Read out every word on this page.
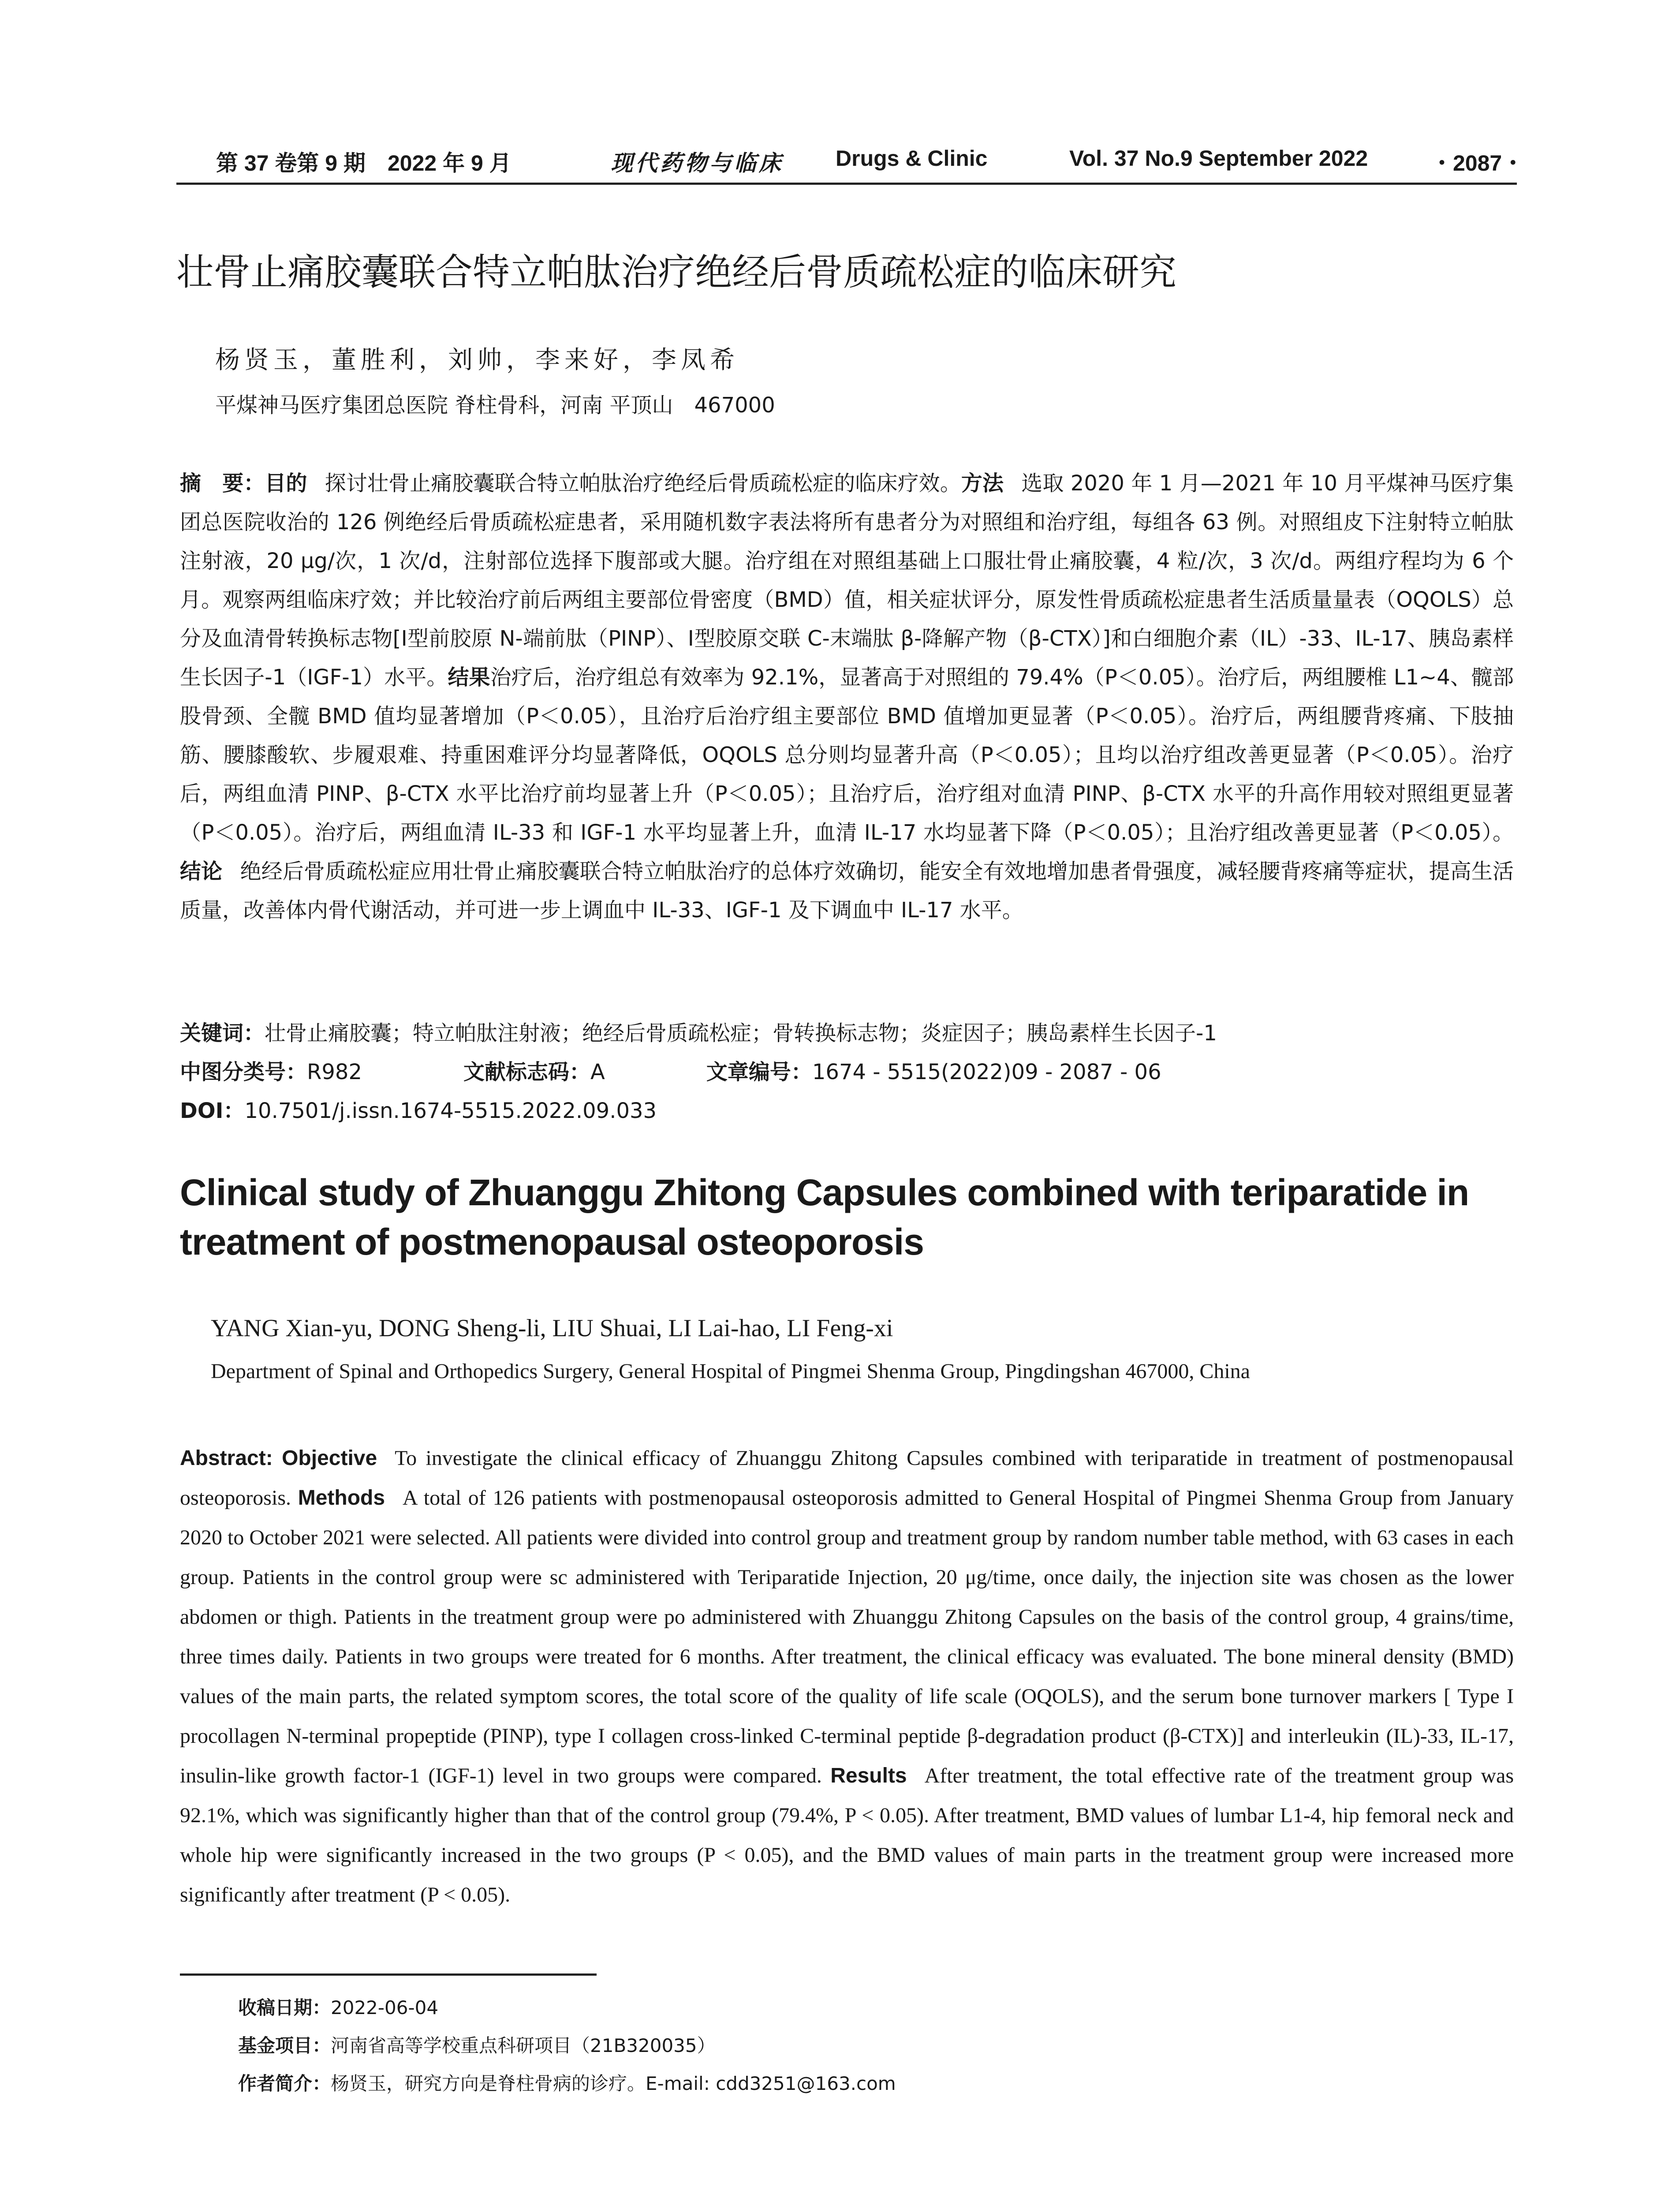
第 37 卷第 9 期　2022 年 9 月	现代药物与临床 Drugs & Clinic	Vol. 37 No.9 September 2022	・2087・
壮骨止痛胶囊联合特立帕肽治疗绝经后骨质疏松症的临床研究
杨贤玉，董胜利，刘帅，李来好，李凤希
平煤神马医疗集团总医院 脊柱骨科，河南 平顶山　467000
摘　要：目的 探讨壮骨止痛胶囊联合特立帕肽治疗绝经后骨质疏松症的临床疗效。方法 选取 2020 年 1 月—2021 年 10 月平煤神马医疗集团总医院收治的 126 例绝经后骨质疏松症患者，采用随机数字表法将所有患者分为对照组和治疗组，每组各 63 例。对照组皮下注射特立帕肽注射液，20 μg/次，1 次/d，注射部位选择下腹部或大腿。治疗组在对照组基础上口服壮骨止痛胶囊，4 粒/次，3 次/d。两组疗程均为 6 个月。观察两组临床疗效；并比较治疗前后两组主要部位骨密度（BMD）值，相关症状评分，原发性骨质疏松症患者生活质量量表（OQOLS）总分及血清骨转换标志物[Ⅰ型前胶原 N-端前肽（PINP）、Ⅰ型胶原交联 C-末端肽 β-降解产物（β-CTX）]和白细胞介素（IL）-33、IL-17、胰岛素样生长因子-1（IGF-1）水平。结果治疗后，治疗组总有效率为 92.1%，显著高于对照组的 79.4%（P＜0.05）。治疗后，两组腰椎 L1~4、髋部股骨颈、全髋 BMD 值均显著增加（P＜0.05），且治疗后治疗组主要部位 BMD 值增加更显著（P＜0.05）。治疗后，两组腰背疼痛、下肢抽筋、腰膝酸软、步履艰难、持重困难评分均显著降低，OQOLS 总分则均显著升高（P＜0.05）；且均以治疗组改善更显著（P＜0.05）。治疗后，两组血清 PINP、β-CTX 水平比治疗前均显著上升（P＜0.05）；且治疗后，治疗组对血清 PINP、β-CTX 水平的升高作用较对照组更显著（P＜0.05）。治疗后，两组血清 IL-33 和 IGF-1 水平均显著上升，血清 IL-17 水均显著下降（P＜0.05）；且治疗组改善更显著（P＜0.05）。结论 绝经后骨质疏松症应用壮骨止痛胶囊联合特立帕肽治疗的总体疗效确切，能安全有效地增加患者骨强度，减轻腰背疼痛等症状，提高生活质量，改善体内骨代谢活动，并可进一步上调血中 IL-33、IGF-1 及下调血中 IL-17 水平。
关键词：壮骨止痛胶囊；特立帕肽注射液；绝经后骨质疏松症；骨转换标志物；炎症因子；胰岛素样生长因子-1
中图分类号：R982	文献标志码：A	文章编号：1674 - 5515(2022)09 - 2087 - 06
DOI：10.7501/j.issn.1674-5515.2022.09.033
Clinical study of Zhuanggu Zhitong Capsules combined with teriparatide in treatment of postmenopausal osteoporosis
YANG Xian-yu, DONG Sheng-li, LIU Shuai, LI Lai-hao, LI Feng-xi
Department of Spinal and Orthopedics Surgery, General Hospital of Pingmei Shenma Group, Pingdingshan 467000, China
Abstract: Objective To investigate the clinical efficacy of Zhuanggu Zhitong Capsules combined with teriparatide in treatment of postmenopausal osteoporosis. Methods A total of 126 patients with postmenopausal osteoporosis admitted to General Hospital of Pingmei Shenma Group from January 2020 to October 2021 were selected. All patients were divided into control group and treatment group by random number table method, with 63 cases in each group. Patients in the control group were sc administered with Teriparatide Injection, 20 μg/time, once daily, the injection site was chosen as the lower abdomen or thigh. Patients in the treatment group were po administered with Zhuanggu Zhitong Capsules on the basis of the control group, 4 grains/time, three times daily. Patients in two groups were treated for 6 months. After treatment, the clinical efficacy was evaluated. The bone mineral density (BMD) values of the main parts, the related symptom scores, the total score of the quality of life scale (OQOLS), and the serum bone turnover markers [ Type I procollagen N-terminal propeptide (PINP), type I collagen cross-linked C-terminal peptide β-degradation product (β-CTX)] and interleukin (IL)-33, IL-17, insulin-like growth factor-1 (IGF-1) level in two groups were compared. Results After treatment, the total effective rate of the treatment group was 92.1%, which was significantly higher than that of the control group (79.4%, P < 0.05). After treatment, BMD values of lumbar L1-4, hip femoral neck and whole hip were significantly increased in the two groups (P < 0.05), and the BMD values of main parts in the treatment group were increased more significantly after treatment (P < 0.05).
收稿日期：2022-06-04
基金项目：河南省高等学校重点科研项目（21B320035）
作者简介：杨贤玉，研究方向是脊柱骨病的诊疗。E-mail: cdd3251@163.com
